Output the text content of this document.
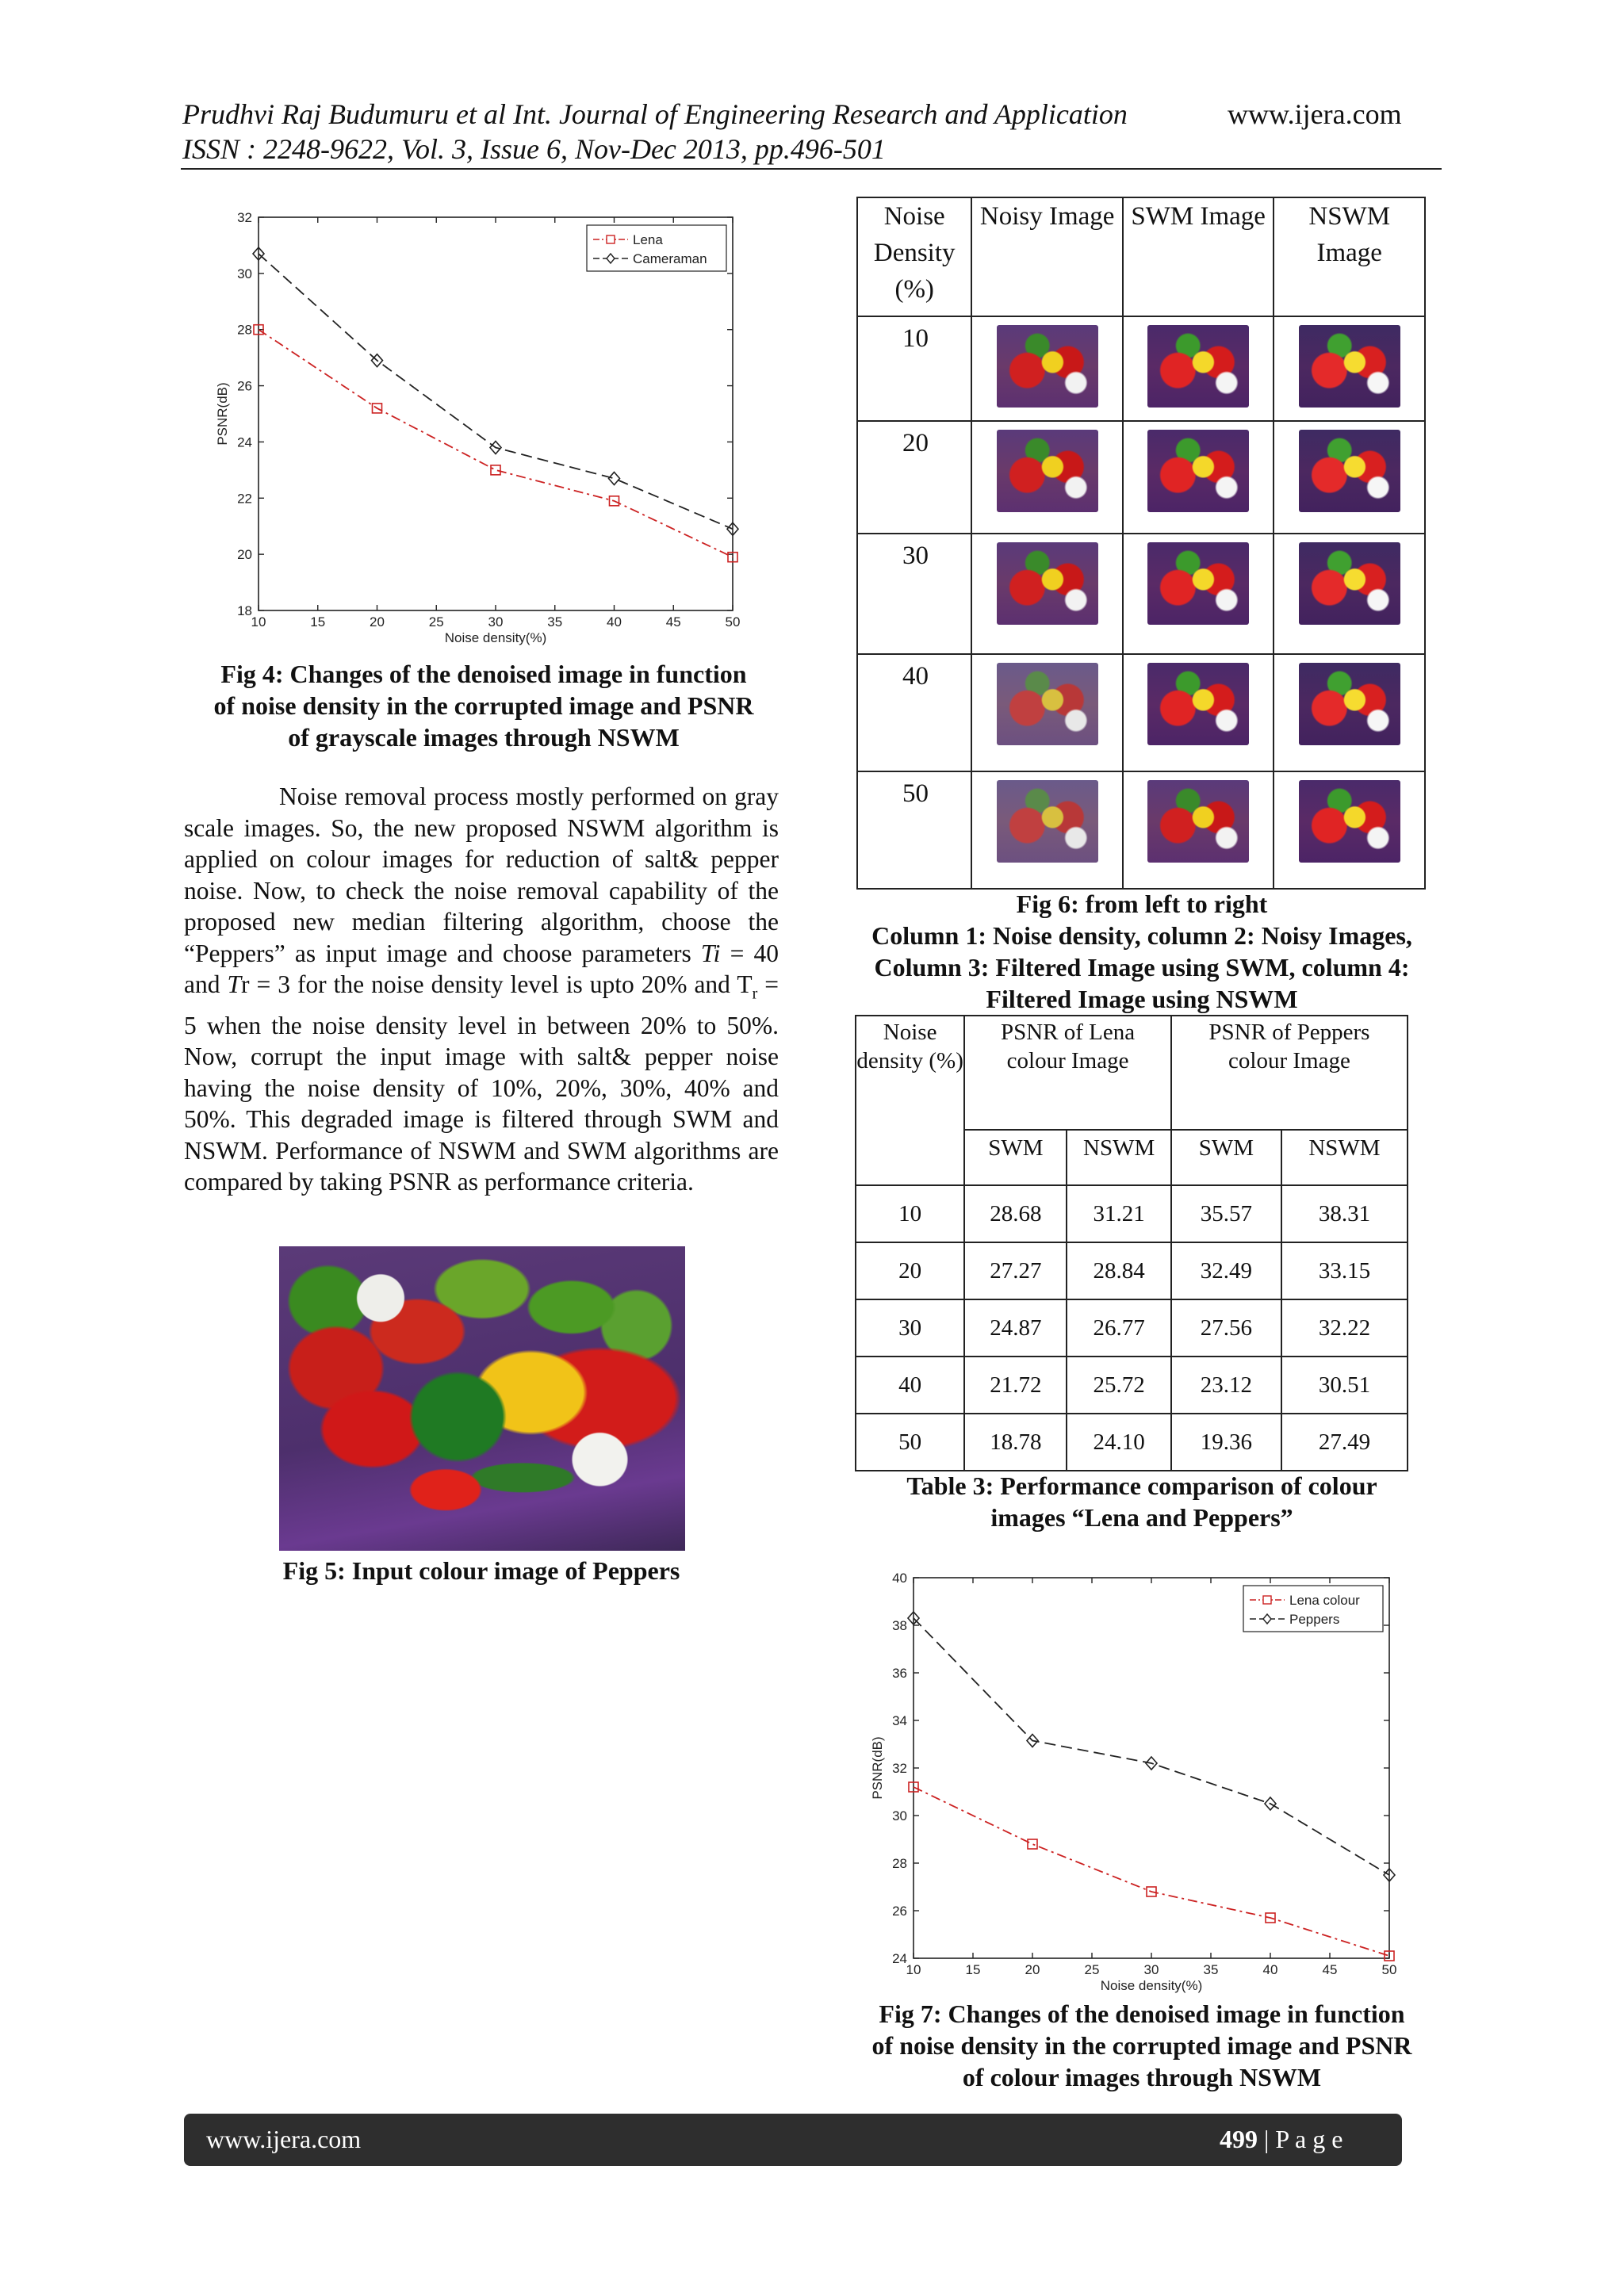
Prudhvi Raj Budumuru et al Int. Journal of Engineering Research and Application	www.ijera.com
ISSN : 2248-9622, Vol. 3, Issue 6, Nov-Dec 2013, pp.496-501
10	15	20	25	30	35	40	45	50
18
20
22
24
26
28
30
32
Noise density(%)
PSNR(dB)
Lena
Cameraman
Fig 4: Changes of the denoised image in function
of noise density in the corrupted image and PSNR
of grayscale images through NSWM

Noise removal process mostly performed on gray scale images. So, the new proposed NSWM algorithm is applied on colour images for reduction of salt& pepper noise. Now, to check the noise removal capability of the proposed new median filtering algorithm, choose the “Peppers” as input image and choose parameters Ti = 40 and Tr = 3 for the noise density level is upto 20% and $T_r = 5$ when the noise density level in between 20% to 50%. Now, corrupt the input image with salt& pepper noise having the noise density of 10%, 20%, 30%, 40% and 50%. This degraded image is filtered through SWM and NSWM. Performance of NSWM and SWM algorithms are compared by taking PSNR as performance criteria.

Fig 5: Input colour image of Peppers
Noise Density (%)	Noisy Image	SWM Image	NSWM Image
10	

20	

30	

40	

50	

Fig 6: from left to right
Column 1: Noise density, column 2: Noisy Images,
Column 3: Filtered Image using SWM, column 4:
Filtered Image using NSWM
Noise density (%)	PSNR of Lena colour Image		PSNR of Peppers colour Image	
	SWM	NSWM	SWM	NSWM
10	28.68	31.21	35.57	38.31
20	27.27	28.84	32.49	33.15
30	24.87	26.77	27.56	32.22
40	21.72	25.72	23.12	30.51
50	18.78	24.10	19.36	27.49
Table 3: Performance comparison of colour
images “Lena and Peppers”
10	15	20	25	30	35	40	45	50
24
26
28
30
32
34
36
38
40
Noise density(%)
PSNR(dB)
Lena colour
Peppers
Fig 7: Changes of the denoised image in function
of noise density in the corrupted image and PSNR
of colour images through NSWM
www.ijera.com	499 | P a g e
